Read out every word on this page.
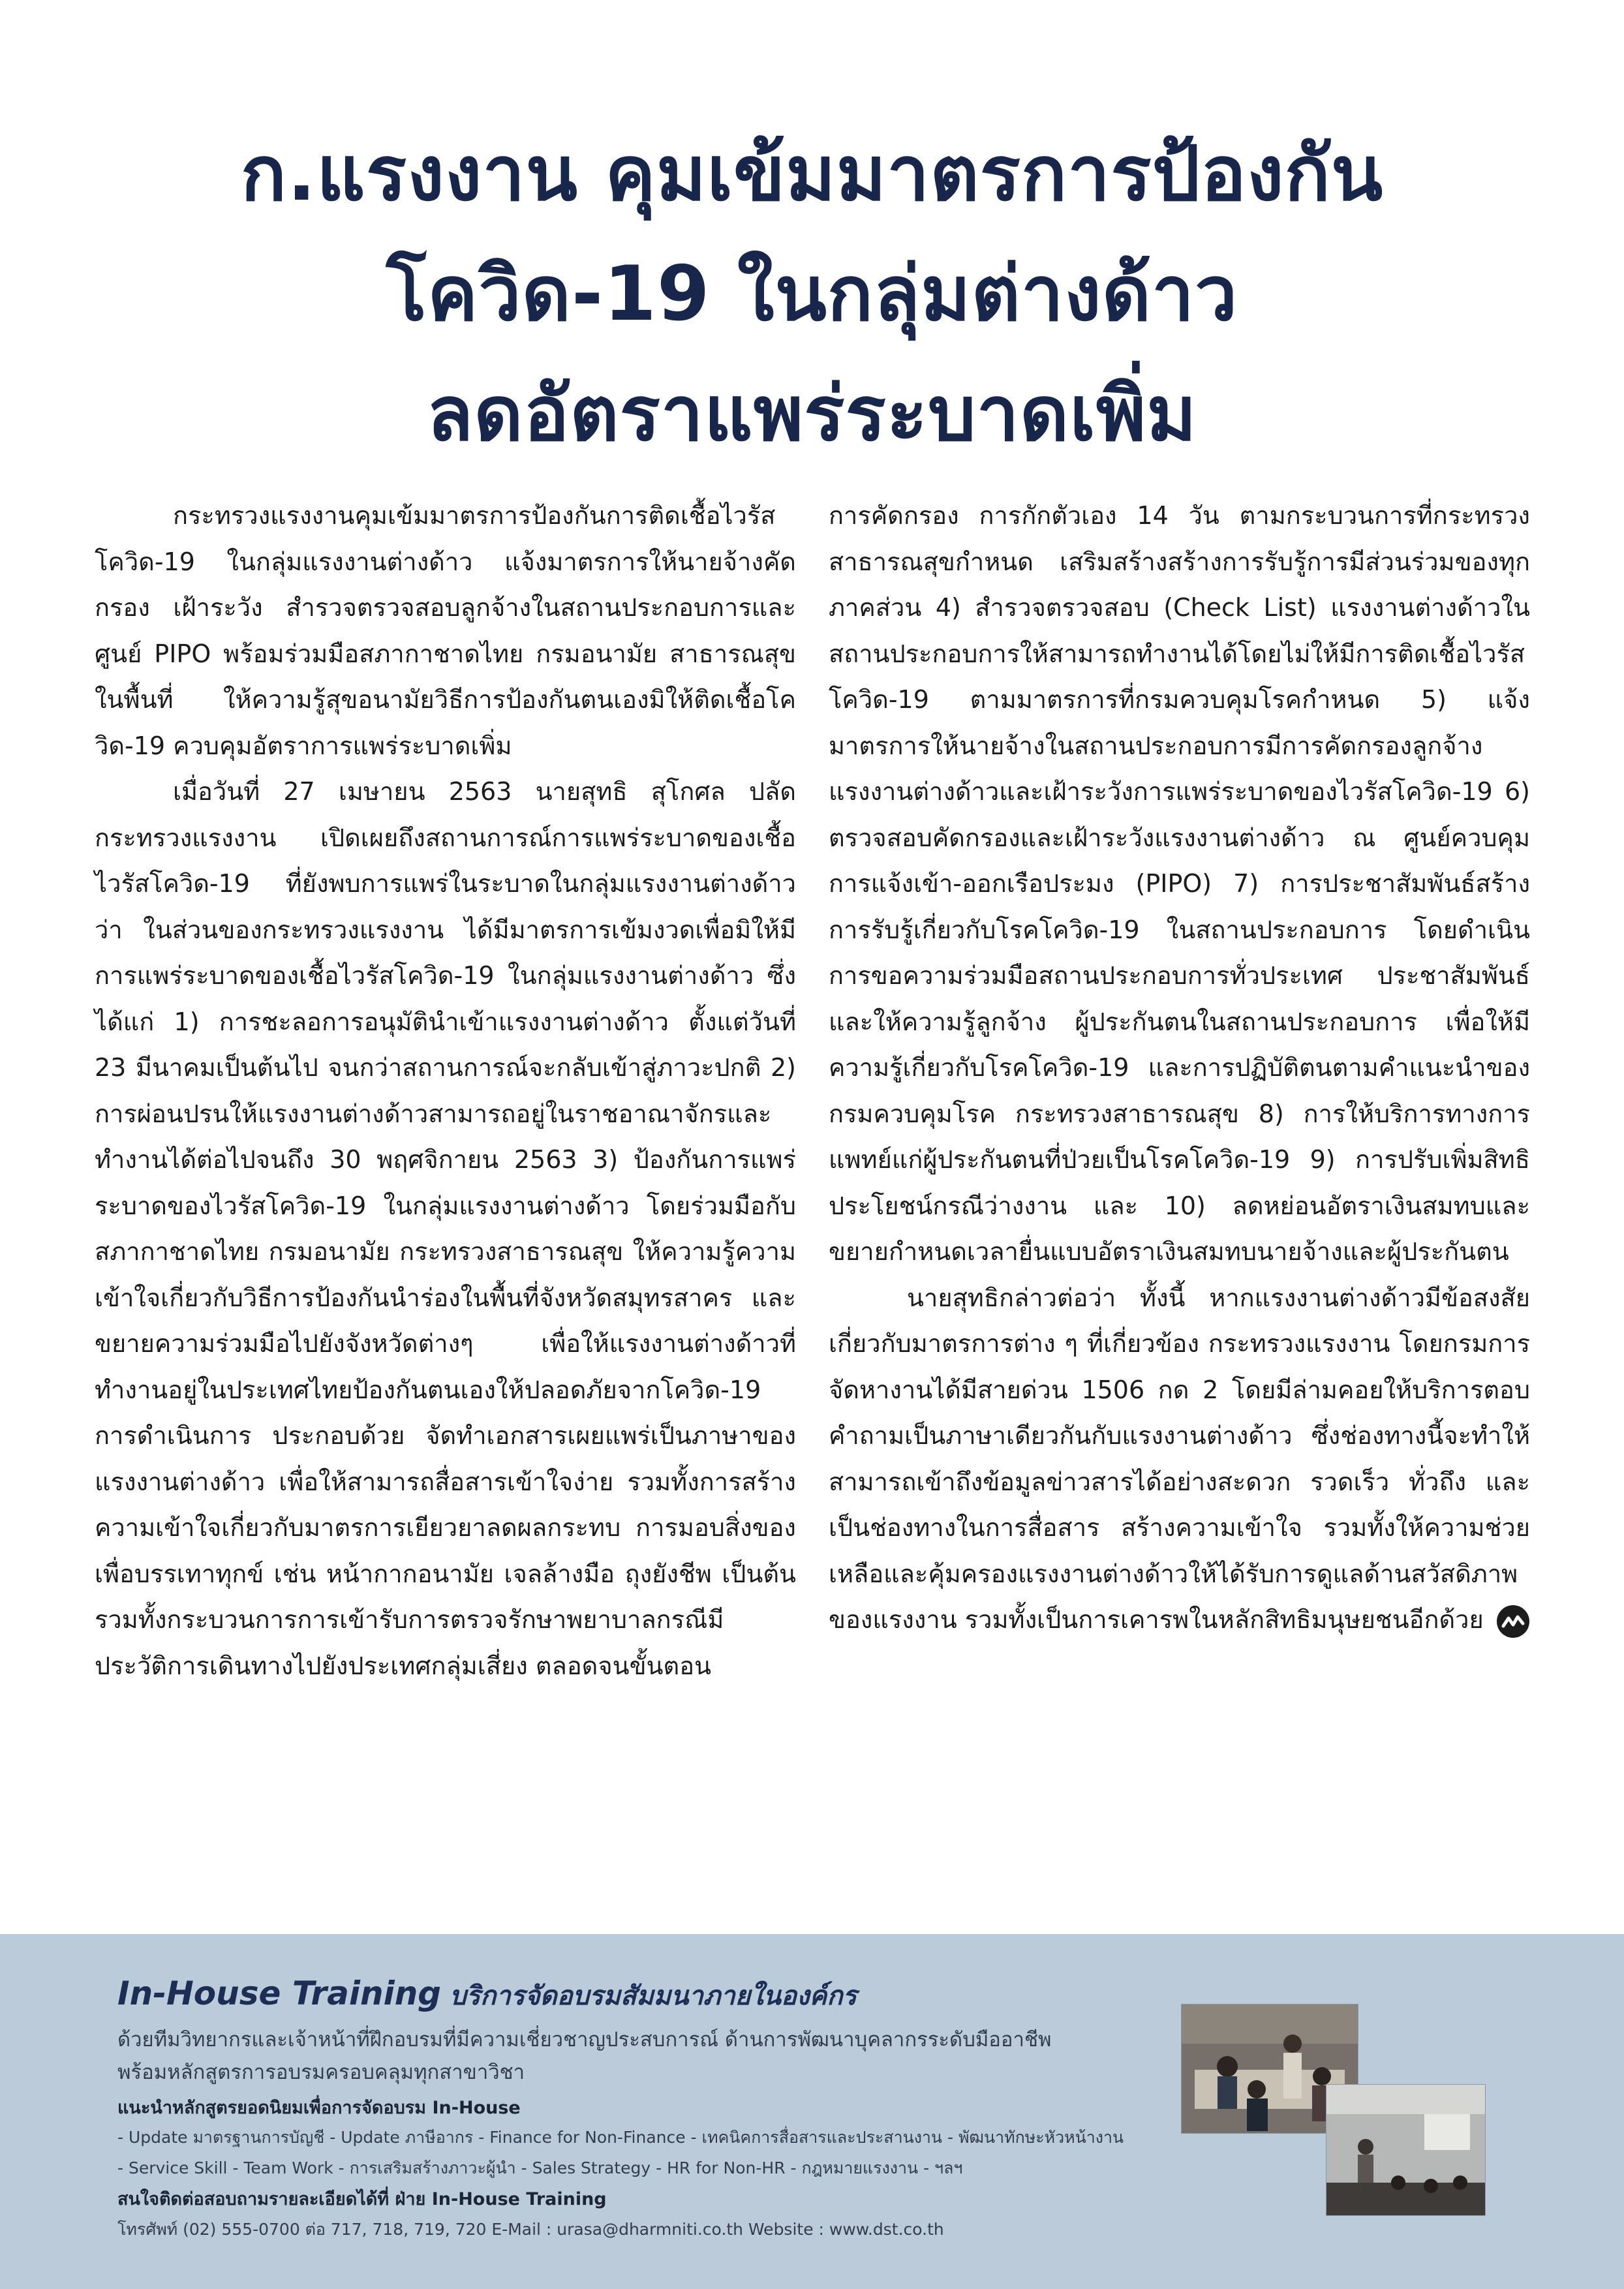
ก.แรงงาน คุมเข้มมาตรการป้องกัน
โควิด-19 ในกลุ่มต่างด้าว
ลดอัตราแพร่ระบาดเพิ่ม

กระทรวงแรงงานคุมเข้มมาตรการป้องกันการติดเชื้อไวรัสโควิด-19 ในกลุ่มแรงงานต่างด้าว แจ้งมาตรการให้นายจ้างคัดกรอง เฝ้าระวัง สำรวจตรวจสอบลูกจ้างในสถานประกอบการและศูนย์ PIPO พร้อมร่วมมือสภากาชาดไทย กรมอนามัย สาธารณสุขในพื้นที่ ให้ความรู้สุขอนามัยวิธีการป้องกันตนเองมิให้ติดเชื้อโควิด-19 ควบคุมอัตราการแพร่ระบาดเพิ่ม

เมื่อวันที่ 27 เมษายน 2563 นายสุทธิ สุโกศล ปลัดกระทรวงแรงงาน เปิดเผยถึงสถานการณ์การแพร่ระบาดของเชื้อไวรัสโควิด-19 ที่ยังพบการแพร่ในระบาดในกลุ่มแรงงานต่างด้าวว่า ในส่วนของกระทรวงแรงงาน ได้มีมาตรการเข้มงวดเพื่อมิให้มีการแพร่ระบาดของเชื้อไวรัสโควิด-19 ในกลุ่มแรงงานต่างด้าว ซึ่งได้แก่ 1) การชะลอการอนุมัตินำเข้าแรงงานต่างด้าว ตั้งแต่วันที่ 23 มีนาคมเป็นต้นไป จนกว่าสถานการณ์จะกลับเข้าสู่ภาวะปกติ 2) การผ่อนปรนให้แรงงานต่างด้าวสามารถอยู่ในราชอาณาจักรและทำงานได้ต่อไปจนถึง 30 พฤศจิกายน 2563 3) ป้องกันการแพร่ระบาดของไวรัสโควิด-19 ในกลุ่มแรงงานต่างด้าว โดยร่วมมือกับสภากาชาดไทย กรมอนามัย กระทรวงสาธารณสุข ให้ความรู้ความเข้าใจเกี่ยวกับวิธีการป้องกันนำร่องในพื้นที่จังหวัดสมุทรสาคร และขยายความร่วมมือไปยังจังหวัดต่างๆ เพื่อให้แรงงานต่างด้าวที่ทำงานอยู่ในประเทศไทยป้องกันตนเองให้ปลอดภัยจากโควิด-19 การดำเนินการ ประกอบด้วย จัดทำเอกสารเผยแพร่เป็นภาษาของแรงงานต่างด้าว เพื่อให้สามารถสื่อสารเข้าใจง่าย รวมทั้งการสร้างความเข้าใจเกี่ยวกับมาตรการเยียวยาลดผลกระทบ การมอบสิ่งของเพื่อบรรเทาทุกข์ เช่น หน้ากากอนามัย เจลล้างมือ ถุงยังชีพ เป็นต้น รวมทั้งกระบวนการการเข้ารับการตรวจรักษาพยาบาลกรณีมีประวัติการเดินทางไปยังประเทศกลุ่มเสี่ยง ตลอดจนขั้นตอน

การคัดกรอง การกักตัวเอง 14 วัน ตามกระบวนการที่กระทรวงสาธารณสุขกำหนด เสริมสร้างสร้างการรับรู้การมีส่วนร่วมของทุกภาคส่วน 4) สำรวจตรวจสอบ (Check List) แรงงานต่างด้าวในสถานประกอบการให้สามารถทำงานได้โดยไม่ให้มีการติดเชื้อไวรัสโควิด-19 ตามมาตรการที่กรมควบคุมโรคกำหนด 5) แจ้งมาตรการให้นายจ้างในสถานประกอบการมีการคัดกรองลูกจ้างแรงงานต่างด้าวและเฝ้าระวังการแพร่ระบาดของไวรัสโควิด-19 6) ตรวจสอบคัดกรองและเฝ้าระวังแรงงานต่างด้าว ณ ศูนย์ควบคุมการแจ้งเข้า-ออกเรือประมง (PIPO) 7) การประชาสัมพันธ์สร้างการรับรู้เกี่ยวกับโรคโควิด-19 ในสถานประกอบการ โดยดำเนินการขอความร่วมมือสถานประกอบการทั่วประเทศ ประชาสัมพันธ์และให้ความรู้ลูกจ้าง ผู้ประกันตนในสถานประกอบการ เพื่อให้มีความรู้เกี่ยวกับโรคโควิด-19 และการปฏิบัติตนตามคำแนะนำของกรมควบคุมโรค กระทรวงสาธารณสุข 8) การให้บริการทางการแพทย์แก่ผู้ประกันตนที่ป่วยเป็นโรคโควิด-19 9) การปรับเพิ่มสิทธิประโยชน์กรณีว่างงาน และ 10) ลดหย่อนอัตราเงินสมทบและขยายกำหนดเวลายื่นแบบอัตราเงินสมทบนายจ้างและผู้ประกันตน

นายสุทธิกล่าวต่อว่า ทั้งนี้ หากแรงงานต่างด้าวมีข้อสงสัยเกี่ยวกับมาตรการต่าง ๆ ที่เกี่ยวข้อง กระทรวงแรงงาน โดยกรมการจัดหางานได้มีสายด่วน 1506 กด 2 โดยมีล่ามคอยให้บริการตอบคำถามเป็นภาษาเดียวกันกับแรงงานต่างด้าว ซึ่งช่องทางนี้จะทำให้สามารถเข้าถึงข้อมูลข่าวสารได้อย่างสะดวก รวดเร็ว ทั่วถึง และเป็นช่องทางในการสื่อสาร สร้างความเข้าใจ รวมทั้งให้ความช่วยเหลือและคุ้มครองแรงงานต่างด้าวให้ได้รับการดูแลด้านสวัสดิภาพของแรงงาน รวมทั้งเป็นการเคารพในหลักสิทธิมนุษยชนอีกด้วย

In-House Training บริการจัดอบรมสัมมนาภายในองค์กร
ด้วยทีมวิทยากรและเจ้าหน้าที่ฝึกอบรมที่มีความเชี่ยวชาญประสบการณ์ ด้านการพัฒนาบุคลากรระดับมืออาชีพ
พร้อมหลักสูตรการอบรมครอบคลุมทุกสาขาวิชา
แนะนำหลักสูตรยอดนิยมเพื่อการจัดอบรม In-House
- Update มาตรฐานการบัญชี - Update ภาษีอากร - Finance for Non-Finance - เทคนิคการสื่อสารและประสานงาน - พัฒนาทักษะหัวหน้างาน
- Service Skill - Team Work - การเสริมสร้างภาวะผู้นำ - Sales Strategy - HR for Non-HR - กฎหมายแรงงาน - ฯลฯ
สนใจติดต่อสอบถามรายละเอียดได้ที่ ฝ่าย In-House Training
โทรศัพท์ (02) 555-0700 ต่อ 717, 718, 719, 720 E-Mail : urasa@dharmniti.co.th Website : www.dst.co.th
